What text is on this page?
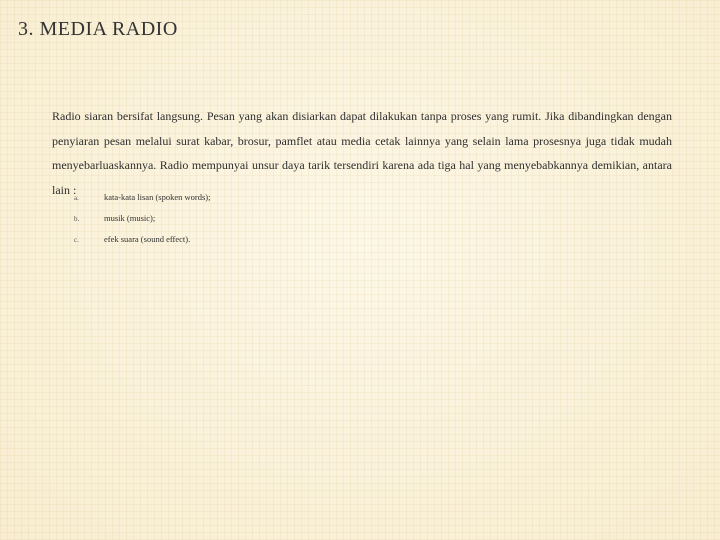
3. MEDIA RADIO

Radio siaran bersifat langsung. Pesan yang akan disiarkan dapat dilakukan tanpa proses yang rumit. Jika dibandingkan dengan penyiaran pesan melalui surat kabar, brosur, pamflet atau media cetak lainnya yang selain lama prosesnya juga tidak mudah menyebarluaskannya. Radio mempunyai unsur daya tarik tersendiri karena ada tiga hal yang menyebabkannya demikian, antara lain :

a.	kata-kata lisan (spoken words);
b.	musik (music);
c.	efek suara (sound effect).
